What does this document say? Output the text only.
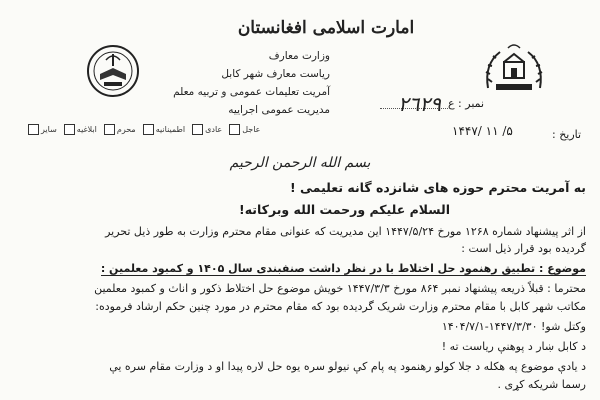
امارت اسلامی افغانستان
وزارت معارف
ریاست معارف شهر کابل
آمریت تعلیمات عمومی و تربیه معلم
مدیریت عمومی اجراییه	نمبر : ع
٢٦٢٩
تاریخ :
۱۴۴۷/ ۱۱ /۵
سایر	ابلاغیه	محرم	اطمینانیه	عادی	عاجل
بسم الله الرحمن الرحیم
به آمریت محترم حوزه های شانزده گانه تعلیمی !
السلام علیکم ورحمت الله وبرکاته!
از اثر پیشنهاد شماره ۱۲۶۸ مورخ ۱۴۴۷/۵/۲۴ این مدیریت که عنوانی مقام محترم وزارت به طور ذیل تحریر
گردیده بود قرار ذیل است :
موضوع : تطبیق رهنمود حل اختلاط با در نظر داشت صنفبندی سال ۱۴۰۵ و کمبود معلمین :
محترما : قبلاً ذریعه پیشنهاد نمبر ۸۶۴ مورخ ۱۴۴۷/۳/۳ خویش موضوع حل اختلاط ذکور و اناث و کمبود معلمین
مکاتب شهر کابل با مقام محترم وزارت شریک گردیده بود که مقام محترم در مورد چنین حکم ارشاد فرموده:
وکتل شو! ۱۴۴۷/۳/۳۰-۱۴۰۴/۷/۱
د کابل ښار د پوهنې ریاست ته !
د یادې موضوع په هکله د جلا کولو رهنمود په پام کې نیولو سره یوه حل لاره پیدا او د وزارت مقام سره يې
رسما شریکه کړی .
